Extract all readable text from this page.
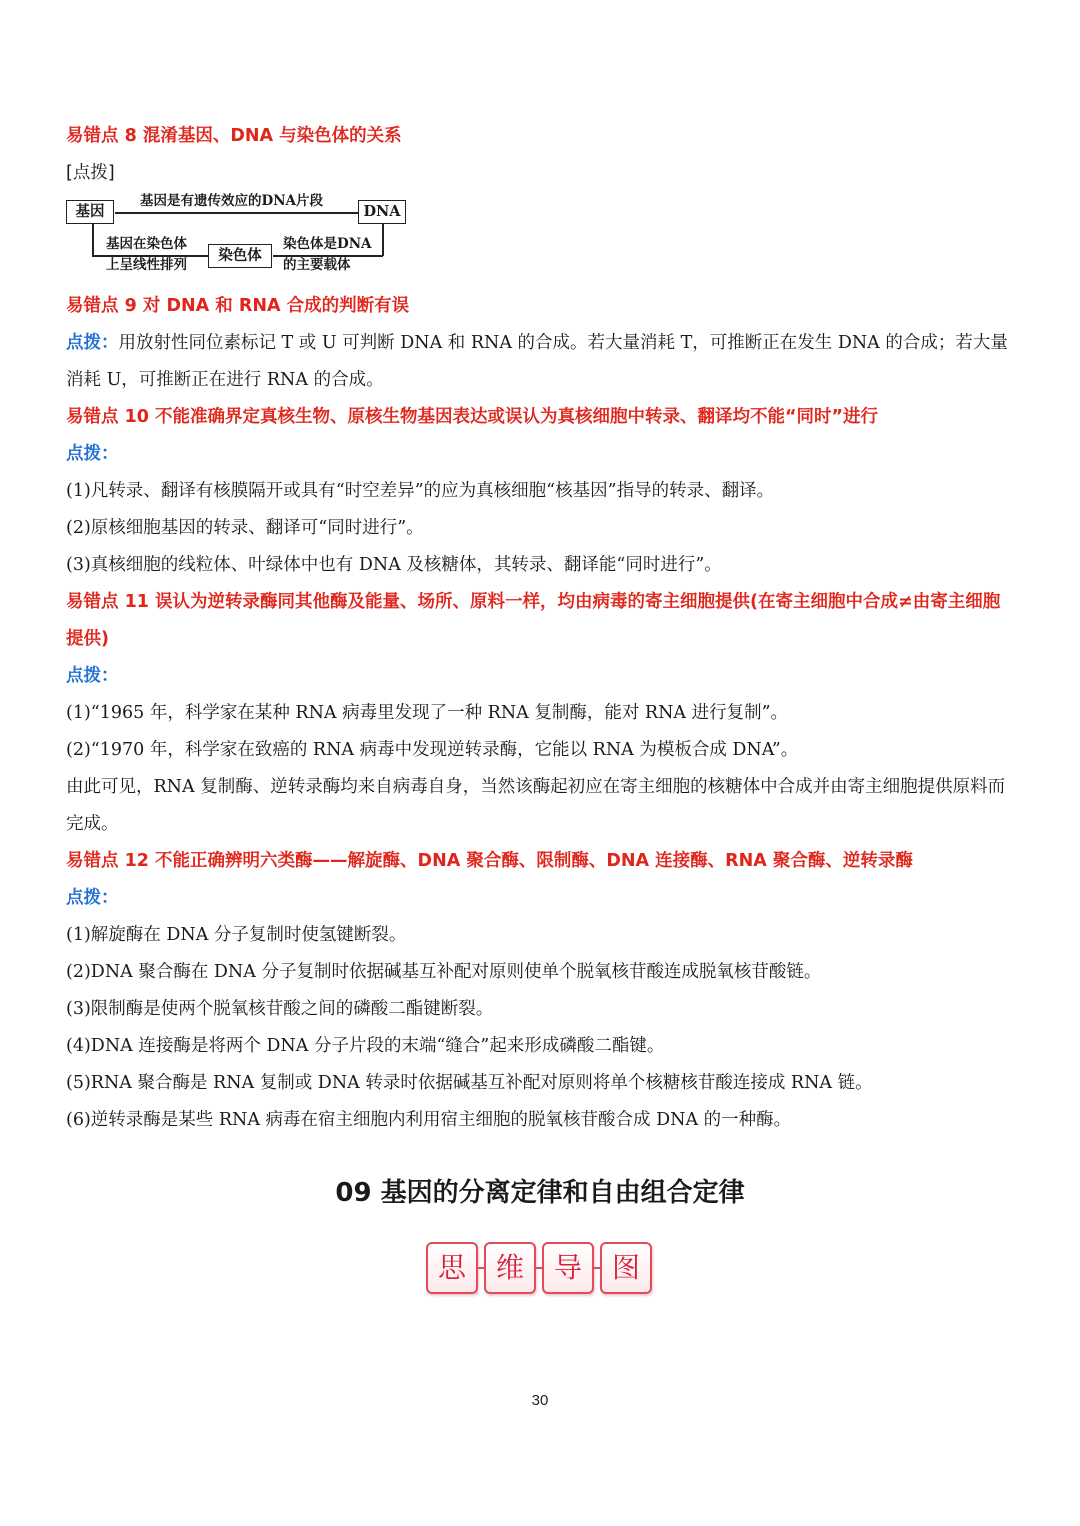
易错点 8 混淆基因、DNA 与染色体的关系
[点拨]
基因	DNA
染色体
基因是有遗传效应的DNA片段
基因在染色体
上呈线性排列
染色体是DNA
的主要载体
易错点 9 对 DNA 和 RNA 合成的判断有误
点拨：用放射性同位素标记 T 或 U 可判断 DNA 和 RNA 的合成。若大量消耗 T，可推断正在发生 DNA 的合成；若大量消耗 U，可推断正在进行 RNA 的合成。
易错点 10 不能准确界定真核生物、原核生物基因表达或误认为真核细胞中转录、翻译均不能“同时”进行
点拨：
(1)凡转录、翻译有核膜隔开或具有“时空差异”的应为真核细胞“核基因”指导的转录、翻译。
(2)原核细胞基因的转录、翻译可“同时进行”。
(3)真核细胞的线粒体、叶绿体中也有 DNA 及核糖体，其转录、翻译能“同时进行”。
易错点 11 误认为逆转录酶同其他酶及能量、场所、原料一样，均由病毒的寄主细胞提供(在寄主细胞中合成≠由寄主细胞提供)
点拨：
(1)“1965 年，科学家在某种 RNA 病毒里发现了一种 RNA 复制酶，能对 RNA 进行复制”。
(2)“1970 年，科学家在致癌的 RNA 病毒中发现逆转录酶，它能以 RNA 为模板合成 DNA”。
由此可见，RNA 复制酶、逆转录酶均来自病毒自身，当然该酶起初应在寄主细胞的核糖体中合成并由寄主细胞提供原料而完成。
易错点 12 不能正确辨明六类酶——解旋酶、DNA 聚合酶、限制酶、DNA 连接酶、RNA 聚合酶、逆转录酶
点拨：
(1)解旋酶在 DNA 分子复制时使氢键断裂。
(2)DNA 聚合酶在 DNA 分子复制时依据碱基互补配对原则使单个脱氧核苷酸连成脱氧核苷酸链。
(3)限制酶是使两个脱氧核苷酸之间的磷酸二酯键断裂。
(4)DNA 连接酶是将两个 DNA 分子片段的末端“缝合”起来形成磷酸二酯键。
(5)RNA 聚合酶是 RNA 复制或 DNA 转录时依据碱基互补配对原则将单个核糖核苷酸连接成 RNA 链。
(6)逆转录酶是某些 RNA 病毒在宿主细胞内利用宿主细胞的脱氧核苷酸合成 DNA 的一种酶。
09 基因的分离定律和自由组合定律
思	维	导	图
30
